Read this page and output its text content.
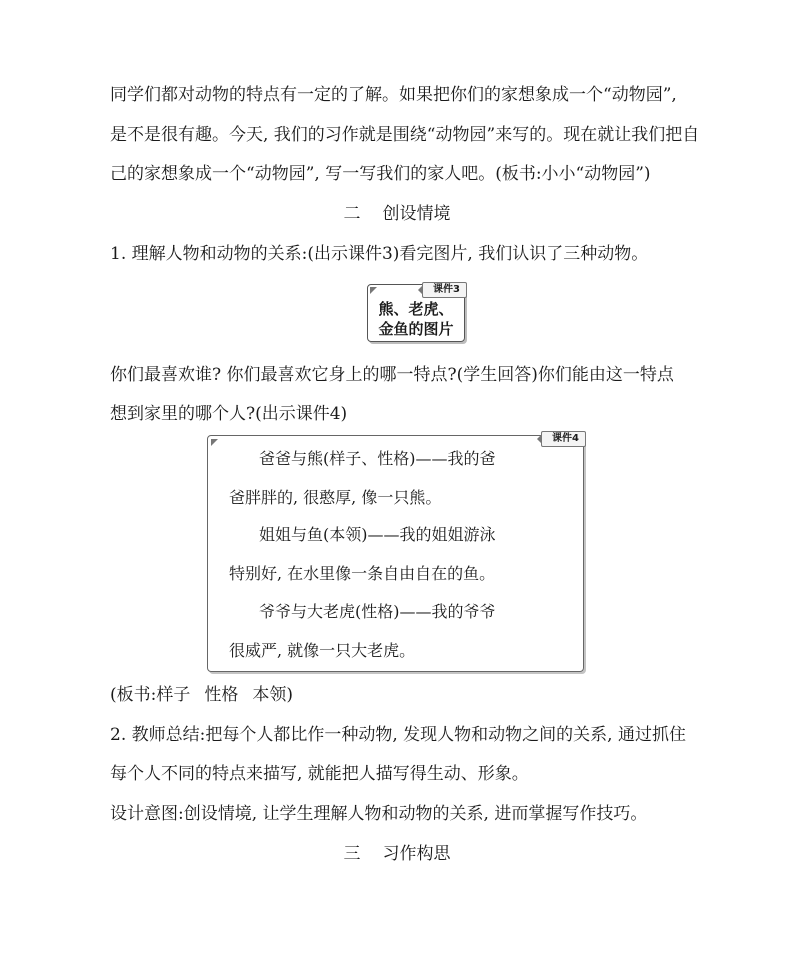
同学们都对动物的特点有一定的了解。如果把你们的家想象成一个“动物园”,
是不是很有趣。今天, 我们的习作就是围绕“动物园”来写的。现在就让我们把自
己的家想象成一个“动物园”, 写一写我们的家人吧。(板书:小小“动物园”)
二 创设情境
1. 理解人物和动物的关系:(出示课件3)看完图片, 我们认识了三种动物。
课件3
熊、老虎、
金鱼的图片
你们最喜欢谁? 你们最喜欢它身上的哪一特点?(学生回答)你们能由这一特点
想到家里的哪个人?(出示课件4)
课件4
爸爸与熊(样子、性格)——我的爸
爸胖胖的, 很憨厚, 像一只熊。
姐姐与鱼(本领)——我的姐姐游泳
特别好, 在水里像一条自由自在的鱼。
爷爷与大老虎(性格)——我的爷爷
很威严, 就像一只大老虎。
(板书:样子 性格 本领)
2. 教师总结:把每个人都比作一种动物, 发现人物和动物之间的关系, 通过抓住
每个人不同的特点来描写, 就能把人描写得生动、形象。
设计意图:创设情境, 让学生理解人物和动物的关系, 进而掌握写作技巧。
三 习作构思
